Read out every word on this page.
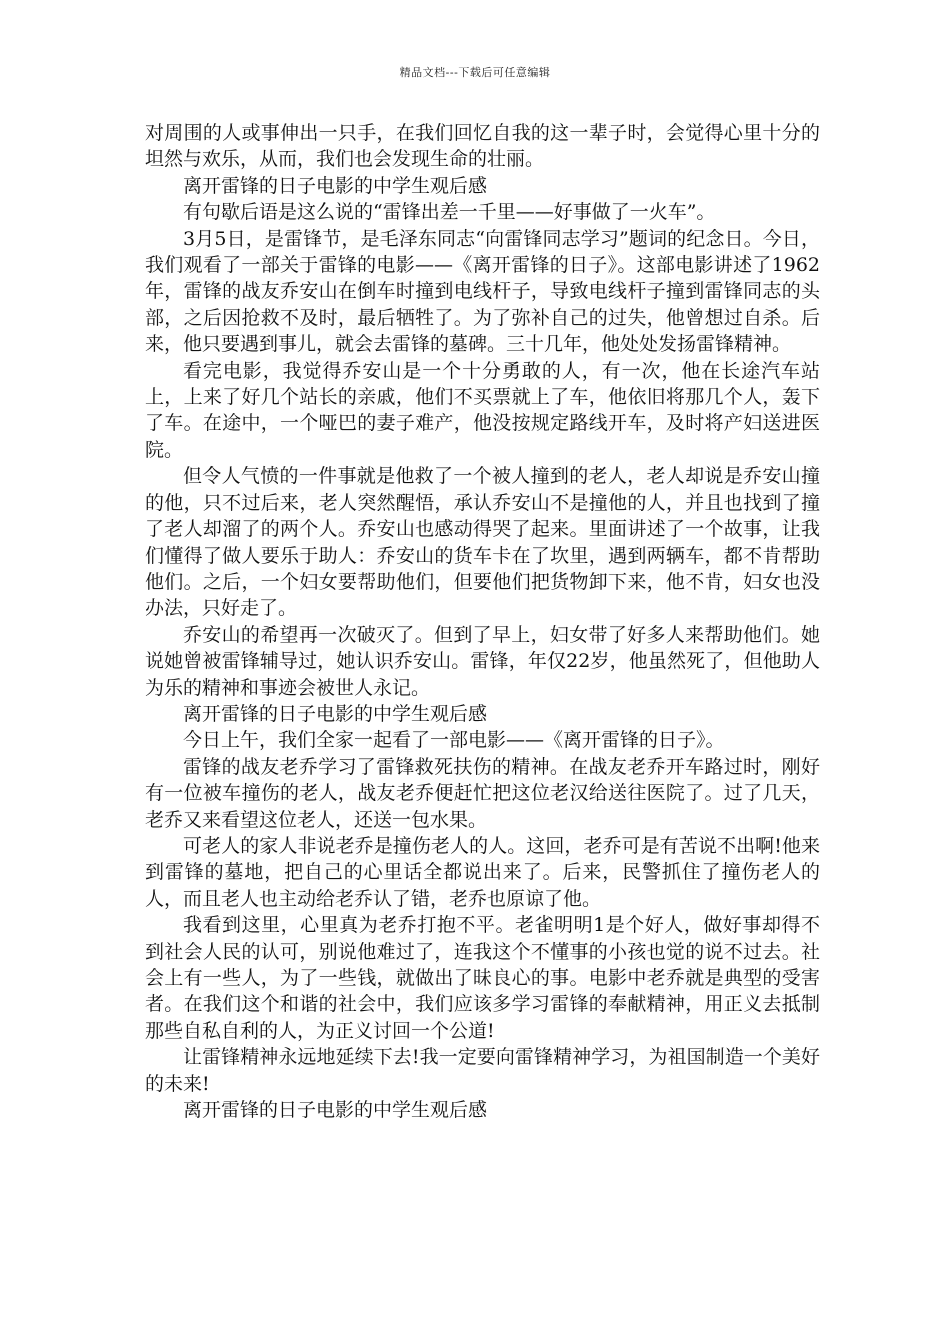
精品文档---下载后可任意编辑

对周围的人或事伸出一只手，在我们回忆自我的这一辈子时，会觉得心里十分的坦然与欢乐，从而，我们也会发现生命的壮丽。

离开雷锋的日子电影的中学生观后感

有句歇后语是这么说的“雷锋出差一千里——好事做了一火车”。

3月5日，是雷锋节，是毛泽东同志“向雷锋同志学习”题词的纪念日。今日，我们观看了一部关于雷锋的电影——《离开雷锋的日子》。这部电影讲述了1962年，雷锋的战友乔安山在倒车时撞到电线杆子，导致电线杆子撞到雷锋同志的头部，之后因抢救不及时，最后牺牲了。为了弥补自己的过失，他曾想过自杀。后来，他只要遇到事儿，就会去雷锋的墓碑。三十几年，他处处发扬雷锋精神。

看完电影，我觉得乔安山是一个十分勇敢的人，有一次，他在长途汽车站上，上来了好几个站长的亲戚，他们不买票就上了车，他依旧将那几个人，轰下了车。在途中，一个哑巴的妻子难产，他没按规定路线开车，及时将产妇送进医院。

但令人气愤的一件事就是他救了一个被人撞到的老人，老人却说是乔安山撞的他，只不过后来，老人突然醒悟，承认乔安山不是撞他的人，并且也找到了撞了老人却溜了的两个人。乔安山也感动得哭了起来。里面讲述了一个故事，让我们懂得了做人要乐于助人：乔安山的货车卡在了坎里，遇到两辆车，都不肯帮助他们。之后，一个妇女要帮助他们，但要他们把货物卸下来，他不肯，妇女也没办法，只好走了。

乔安山的希望再一次破灭了。但到了早上，妇女带了好多人来帮助他们。她说她曾被雷锋辅导过，她认识乔安山。雷锋，年仅22岁，他虽然死了，但他助人为乐的精神和事迹会被世人永记。

离开雷锋的日子电影的中学生观后感

今日上午，我们全家一起看了一部电影——《离开雷锋的日子》。

雷锋的战友老乔学习了雷锋救死扶伤的精神。在战友老乔开车路过时，刚好有一位被车撞伤的老人，战友老乔便赶忙把这位老汉给送往医院了。过了几天，老乔又来看望这位老人，还送一包水果。

可老人的家人非说老乔是撞伤老人的人。这回，老乔可是有苦说不出啊!他来到雷锋的墓地，把自己的心里话全都说出来了。后来，民警抓住了撞伤老人的人，而且老人也主动给老乔认了错，老乔也原谅了他。

我看到这里，心里真为老乔打抱不平。老雀明明1是个好人，做好事却得不到社会人民的认可，别说他难过了，连我这个不懂事的小孩也觉的说不过去。社会上有一些人，为了一些钱，就做出了昧良心的事。电影中老乔就是典型的受害者。在我们这个和谐的社会中，我们应该多学习雷锋的奉献精神，用正义去抵制那些自私自利的人，为正义讨回一个公道!

让雷锋精神永远地延续下去!我一定要向雷锋精神学习，为祖国制造一个美好的未来!

离开雷锋的日子电影的中学生观后感
